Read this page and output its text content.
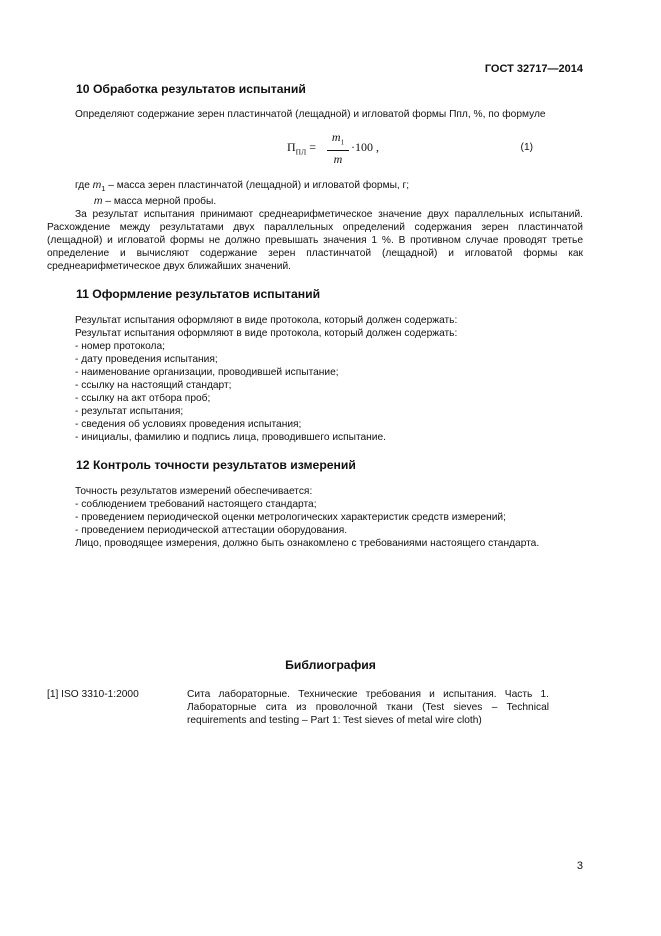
ГОСТ 32717—2014
10 Обработка результатов испытаний

Определяют содержание зерен пластинчатой (лещадной) и игловатой формы Ппл, %, по формуле

$П_{ПЛ} = \frac{m_1}{m} \cdot 100$ ,	(1)

где $m_1$ – масса зерен пластинчатой (лещадной) и игловатой формы, г;

m – масса мерной пробы.

За результат испытания принимают среднеарифметическое значение двух параллельных испытаний. Расхождение между результатами двух параллельных определений содержания зерен пластинчатой (лещадной) и игловатой формы не должно превышать значения 1 %. В противном случае проводят третье определение и вычисляют содержание зерен пластинчатой (лещадной) и игловатой формы как среднеарифметическое двух ближайших значений.

11 Оформление результатов испытаний
Результат испытания оформляют в виде протокола, который должен содержать:
Результат испытания оформляют в виде протокола, который должен содержать:
- номер протокола;
- дату проведения испытания;
- наименование организации, проводившей испытание;
- ссылку на настоящий стандарт;
- ссылку на акт отбора проб;
- результат испытания;
- сведения об условиях проведения испытания;
- инициалы, фамилию и подпись лица, проводившего испытание.
12 Контроль точности результатов измерений
Точность результатов измерений обеспечивается:
- соблюдением требований настоящего стандарта;
- проведением периодической оценки метрологических характеристик средств измерений;
- проведением периодической аттестации оборудования.
Лицо, проводящее измерения, должно быть ознакомлено с требованиями настоящего стандарта.
Библиография
[1] ISO 3310-1:2000	Сита лабораторные. Технические требования и испытания. Часть 1. Лабораторные сита из проволочной ткани (Test sieves – Technical requirements and testing – Part 1: Test sieves of metal wire cloth)
3
